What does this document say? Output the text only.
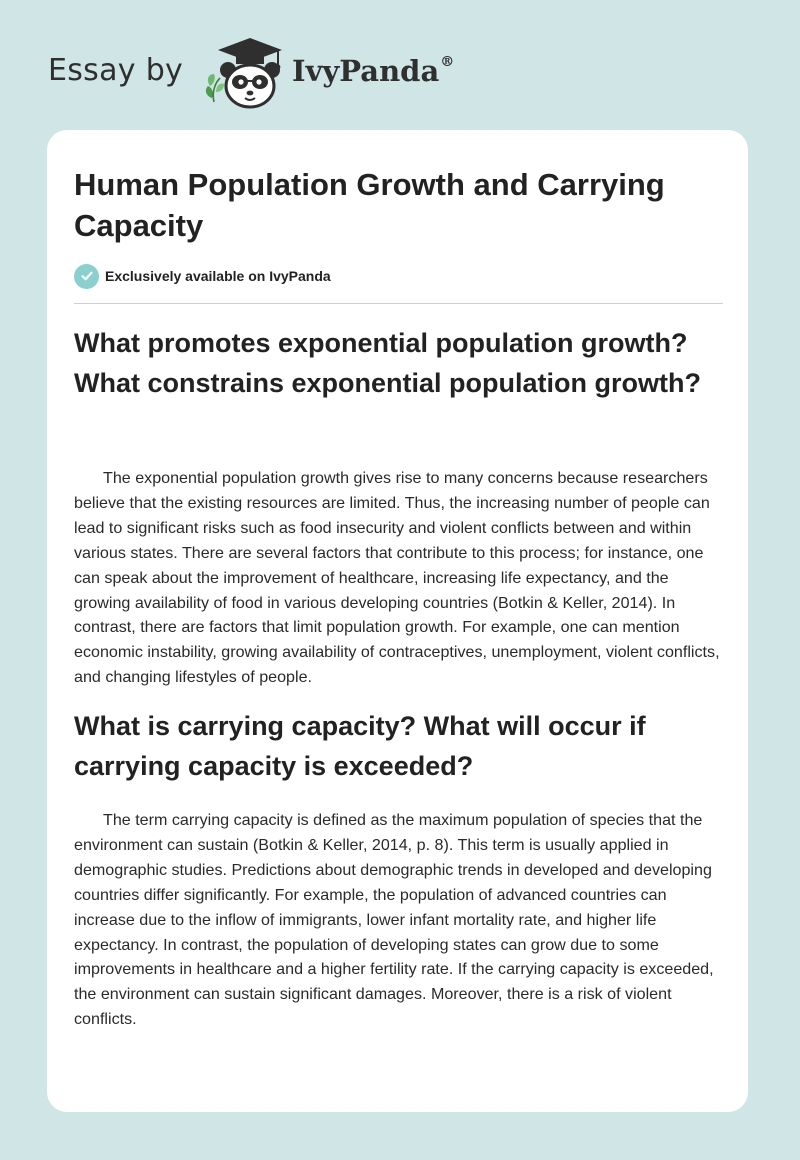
Essay by	IvyPanda®
Human Population Growth and Carrying Capacity
Exclusively available on IvyPanda
What promotes exponential population growth? What constrains exponential population growth?

The exponential population growth gives rise to many concerns because researchers believe that the existing resources are limited. Thus, the increasing number of people can lead to significant risks such as food insecurity and violent conflicts between and within various states. There are several factors that contribute to this process; for instance, one can speak about the improvement of healthcare, increasing life expectancy, and the growing availability of food in various developing countries (Botkin & Keller, 2014). In contrast, there are factors that limit population growth. For example, one can mention economic instability, growing availability of contraceptives, unemployment, violent conflicts, and changing lifestyles of people.

What is carrying capacity? What will occur if carrying capacity is exceeded?

The term carrying capacity is defined as the maximum population of species that the environment can sustain (Botkin & Keller, 2014, p. 8). This term is usually applied in demographic studies. Predictions about demographic trends in developed and developing countries differ significantly. For example, the population of advanced countries can increase due to the inflow of immigrants, lower infant mortality rate, and higher life expectancy. In contrast, the population of developing states can grow due to some improvements in healthcare and a higher fertility rate. If the carrying capacity is exceeded, the environment can sustain significant damages. Moreover, there is a risk of violent conflicts.
